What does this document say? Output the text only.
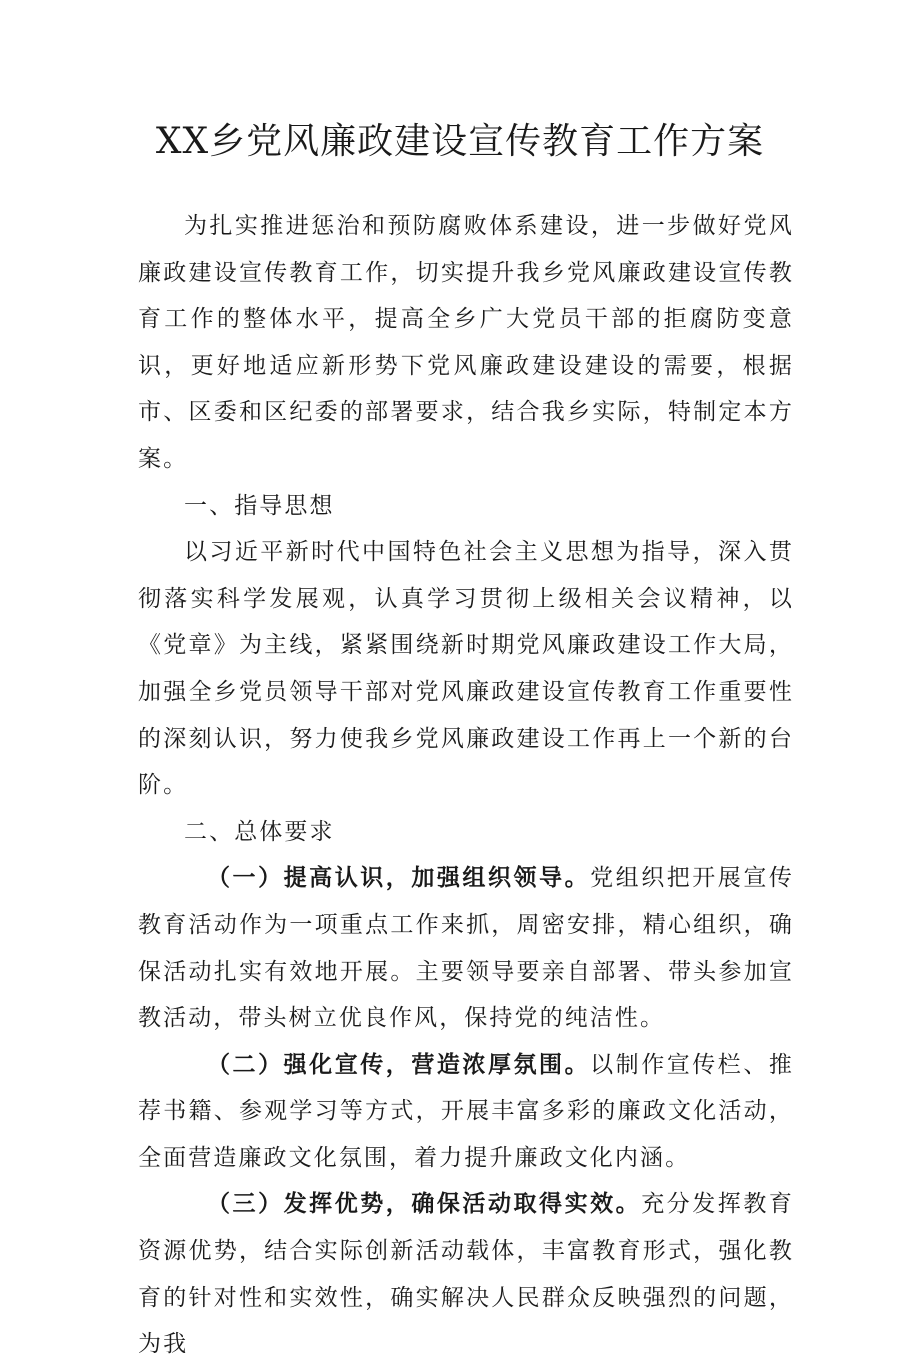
XX乡党风廉政建设宣传教育工作方案

为扎实推进惩治和预防腐败体系建设，进一步做好党风廉政建设宣传教育工作，切实提升我乡党风廉政建设宣传教育工作的整体水平，提高全乡广大党员干部的拒腐防变意识，更好地适应新形势下党风廉政建设建设的需要，根据市、区委和区纪委的部署要求，结合我乡实际，特制定本方案。

一、指导思想

以习近平新时代中国特色社会主义思想为指导，深入贯彻落实科学发展观，认真学习贯彻上级相关会议精神，以《党章》为主线，紧紧围绕新时期党风廉政建设工作大局，加强全乡党员领导干部对党风廉政建设宣传教育工作重要性的深刻认识，努力使我乡党风廉政建设工作再上一个新的台阶。

二、总体要求

（一）提高认识，加强组织领导。党组织把开展宣传教育活动作为一项重点工作来抓，周密安排，精心组织，确保活动扎实有效地开展。主要领导要亲自部署、带头参加宣教活动，带头树立优良作风，保持党的纯洁性。

（二）强化宣传，营造浓厚氛围。以制作宣传栏、推荐书籍、参观学习等方式，开展丰富多彩的廉政文化活动，全面营造廉政文化氛围，着力提升廉政文化内涵。

（三）发挥优势，确保活动取得实效。充分发挥教育资源优势，结合实际创新活动载体，丰富教育形式，强化教育的针对性和实效性，确实解决人民群众反映强烈的问题，为我
